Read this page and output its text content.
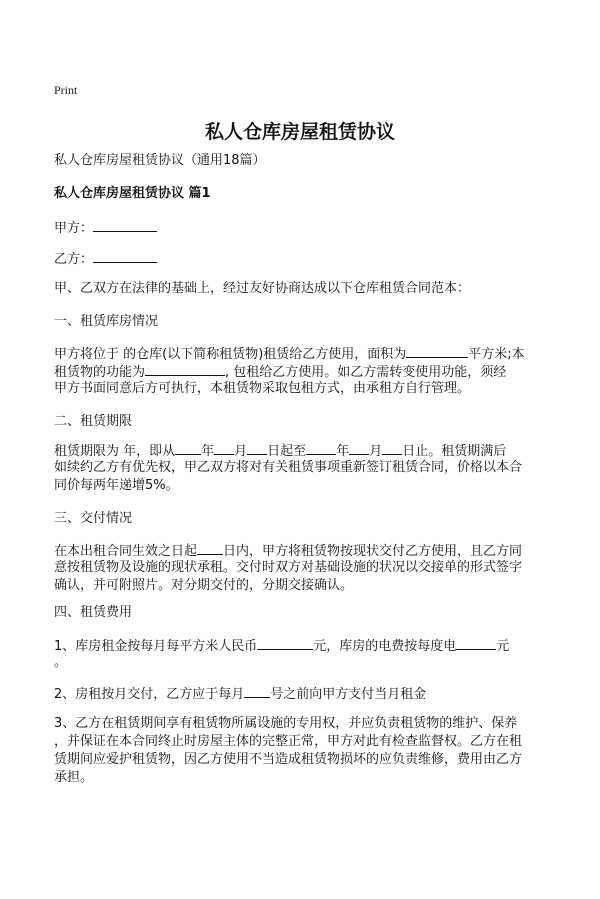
Print
私人仓库房屋租赁协议
私人仓库房屋租赁协议（通用18篇）
私人仓库房屋租赁协议 篇1
甲方：
乙方：
甲、乙双方在法律的基础上，经过友好协商达成以下仓库租赁合同范本：
一、租赁库房情况
甲方将位于 的仓库(以下简称租赁物)租赁给乙方使用，面积为	平方米;本
租赁物的功能为	, 包租给乙方使用。如乙方需转变使用功能，须经
甲方书面同意后方可执行，本租赁物采取包租方式，由承租方自行管理。
二、租赁期限
租赁期限为 年，即从 年 月 日起至 年 月 日止。租赁期满后
如续约乙方有优先权，甲乙双方将对有关租赁事项重新签订租赁合同，价格以本合
同价每两年递增5%。
三、交付情况
在本出租合同生效之日起 日内，甲方将租赁物按现状交付乙方使用，且乙方同
意按租赁物及设施的现状承租。交付时双方对基础设施的状况以交接单的形式签字
确认，并可附照片。对分期交付的，分期交接确认。
四、租赁费用
1、库房租金按每月每平方米人民币	元，库房的电费按每度电	元
。
2、房租按月交付，乙方应于每月 号之前向甲方支付当月租金
3、乙方在租赁期间享有租赁物所属设施的专用权，并应负责租赁物的维护、保养
，并保证在本合同终止时房屋主体的完整正常，甲方对此有检查监督权。乙方在租
赁期间应爱护租赁物，因乙方使用不当造成租赁物损坏的应负责维修，费用由乙方
承担。
